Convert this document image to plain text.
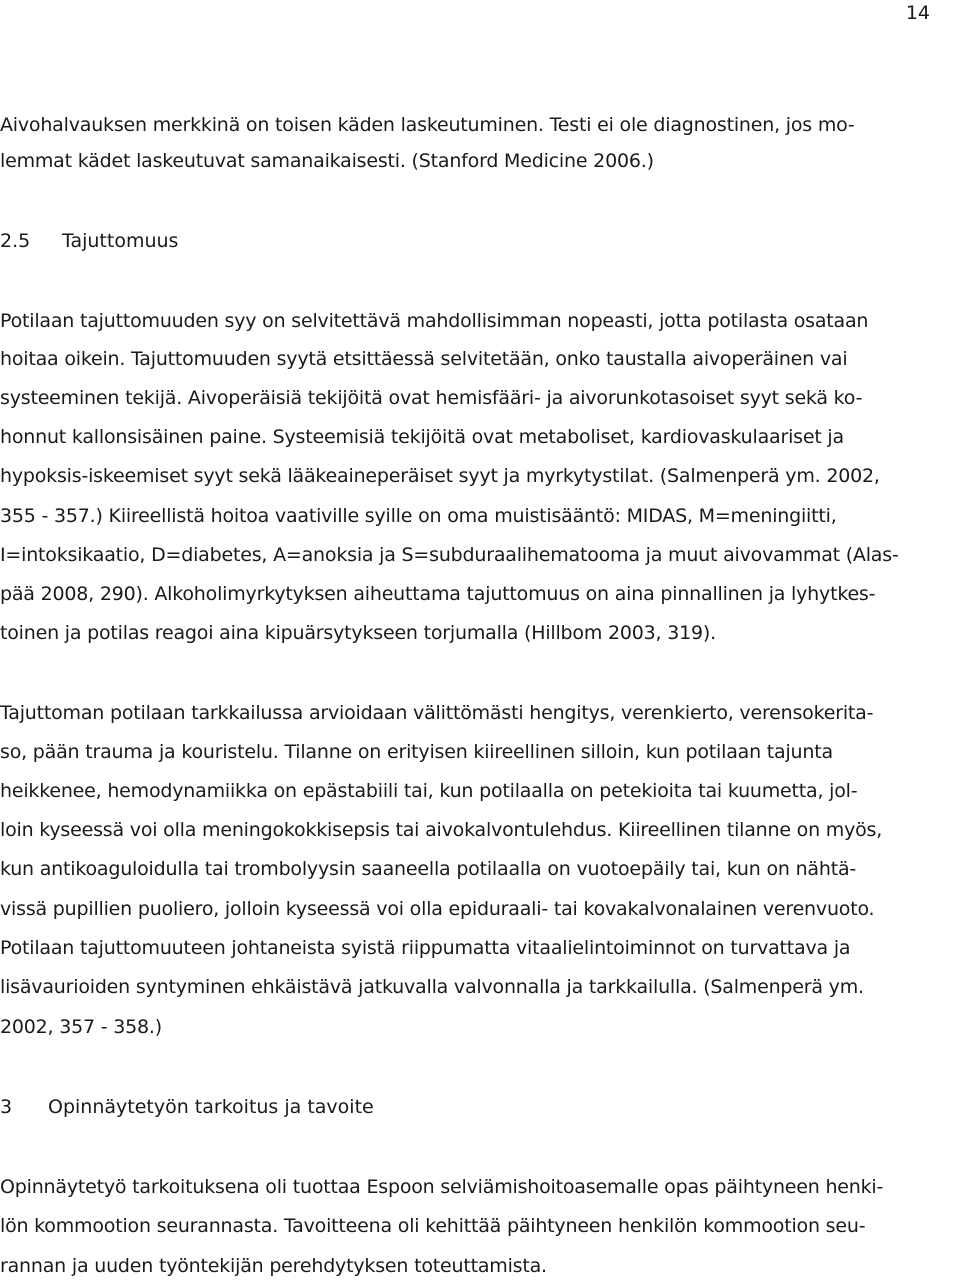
14
Aivohalvauksen merkkinä on toisen käden laskeutuminen. Testi ei ole diagnostinen, jos mo-
lemmat kädet laskeutuvat samanaikaisesti. (Stanford Medicine 2006.)
2.5 Tajuttomuus
Potilaan tajuttomuuden syy on selvitettävä mahdollisimman nopeasti, jotta potilasta osataan
hoitaa oikein. Tajuttomuuden syytä etsittäessä selvitetään, onko taustalla aivoperäinen vai
systeeminen tekijä. Aivoperäisiä tekijöitä ovat hemisfääri- ja aivorunkotasoiset syyt sekä ko-
honnut kallonsisäinen paine. Systeemisiä tekijöitä ovat metaboliset, kardiovaskulaariset ja
hypoksis-iskeemiset syyt sekä lääkeaineperäiset syyt ja myrkytystilat. (Salmenperä ym. 2002,
355 - 357.) Kiireellistä hoitoa vaativille syille on oma muistisääntö: MIDAS, M=meningiitti,
I=intoksikaatio, D=diabetes, A=anoksia ja S=subduraalihematooma ja muut aivovammat (Alas-
pää 2008, 290). Alkoholimyrkytyksen aiheuttama tajuttomuus on aina pinnallinen ja lyhytkes-
toinen ja potilas reagoi aina kipuärsytykseen torjumalla (Hillbom 2003, 319).
Tajuttoman potilaan tarkkailussa arvioidaan välittömästi hengitys, verenkierto, verensokerita-
so, pään trauma ja kouristelu. Tilanne on erityisen kiireellinen silloin, kun potilaan tajunta
heikkenee, hemodynamiikka on epästabiili tai, kun potilaalla on petekioita tai kuumetta, jol-
loin kyseessä voi olla meningokokkisepsis tai aivokalvontulehdus. Kiireellinen tilanne on myös,
kun antikoaguloidulla tai trombolyysin saaneella potilaalla on vuotoepäily tai, kun on nähtä-
vissä pupillien puoliero, jolloin kyseessä voi olla epiduraali- tai kovakalvonalainen verenvuoto.
Potilaan tajuttomuuteen johtaneista syistä riippumatta vitaalielintoiminnot on turvattava ja
lisävaurioiden syntyminen ehkäistävä jatkuvalla valvonnalla ja tarkkailulla. (Salmenperä ym.
2002, 357 - 358.)
3 Opinnäytetyön tarkoitus ja tavoite
Opinnäytetyö tarkoituksena oli tuottaa Espoon selviämishoitoasemalle opas päihtyneen henki-
lön kommootion seurannasta. Tavoitteena oli kehittää päihtyneen henkilön kommootion seu-
rannan ja uuden työntekijän perehdytyksen toteuttamista.
